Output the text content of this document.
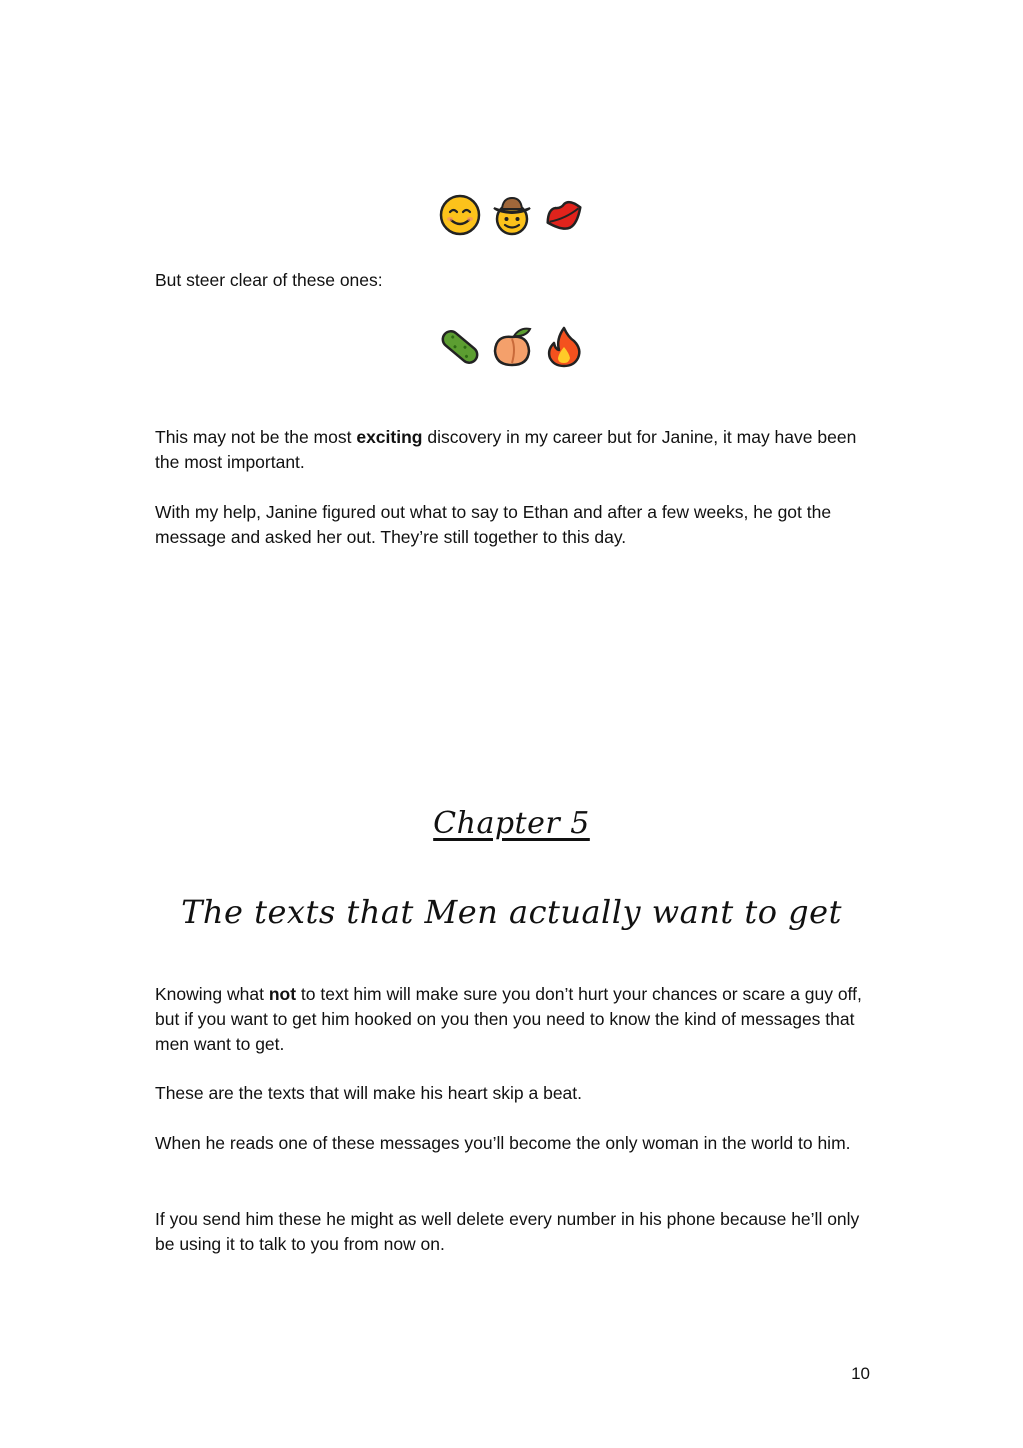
But steer clear of these ones:

This may not be the most exciting discovery in my career but for Janine, it may have been the most important.

With my help, Janine figured out what to say to Ethan and after a few weeks, he got the message and asked her out. They’re still together to this day.

Chapter 5
The texts that Men actually want to get

Knowing what not to text him will make sure you don’t hurt your chances or scare a guy off, but if you want to get him hooked on you then you need to know the kind of messages that men want to get.

These are the texts that will make his heart skip a beat.

When he reads one of these messages you’ll become the only woman in the world to him.

If you send him these he might as well delete every number in his phone because he’ll only be using it to talk to you from now on.

10
